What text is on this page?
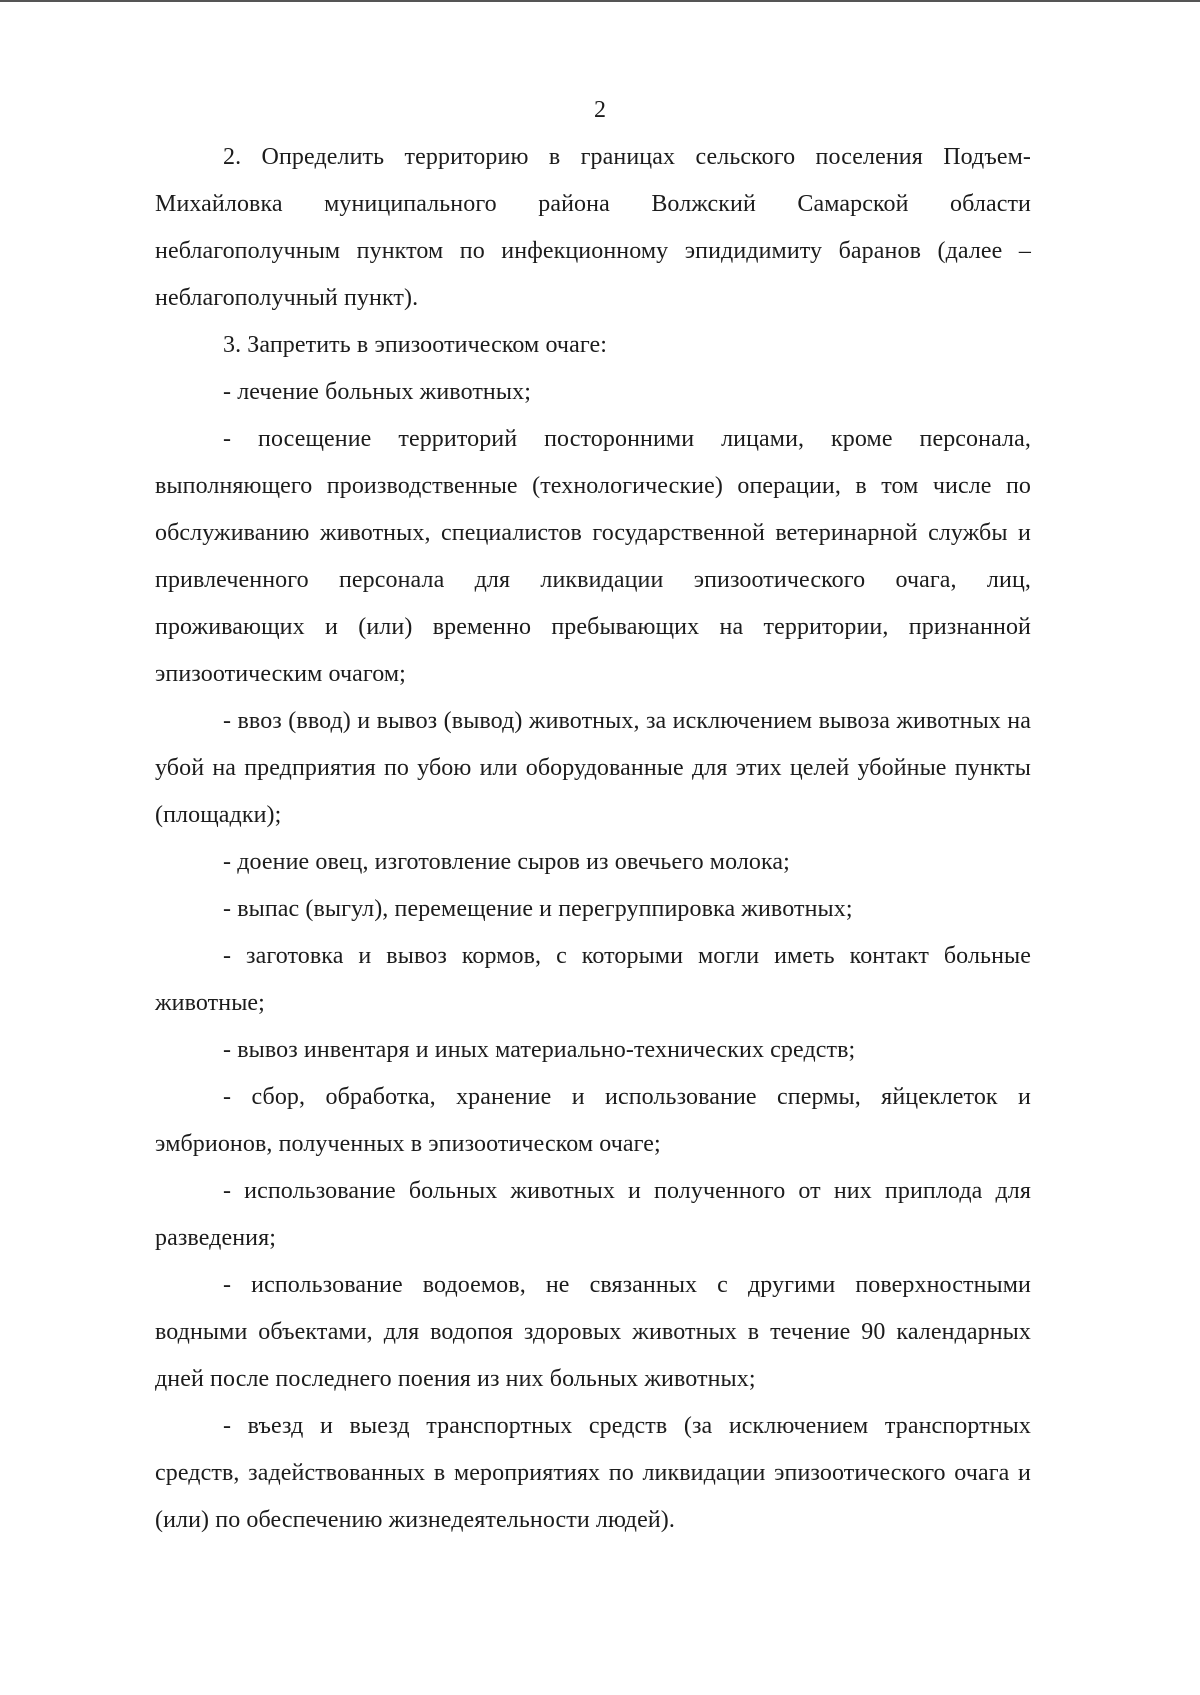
2

2. Определить территорию в границах сельского поселения Подъем-Михайловка муниципального района Волжский Самарской области неблагополучным пунктом по инфекционному эпидидимиту баранов (далее – неблагополучный пункт).

3. Запретить в эпизоотическом очаге:

- лечение больных животных;

- посещение территорий посторонними лицами, кроме персонала, выполняющего производственные (технологические) операции, в том числе по обслуживанию животных, специалистов государственной ветеринарной службы и привлеченного персонала для ликвидации эпизоотического очага, лиц, проживающих и (или) временно пребывающих на территории, признанной эпизоотическим очагом;

- ввоз (ввод) и вывоз (вывод) животных, за исключением вывоза животных на убой на предприятия по убою или оборудованные для этих целей убойные пункты (площадки);

- доение овец, изготовление сыров из овечьего молока;

- выпас (выгул), перемещение и перегруппировка животных;

- заготовка и вывоз кормов, с которыми могли иметь контакт больные животные;

- вывоз инвентаря и иных материально-технических средств;

- сбор, обработка, хранение и использование спермы, яйцеклеток и эмбрионов, полученных в эпизоотическом очаге;

- использование больных животных и полученного от них приплода для разведения;

- использование водоемов, не связанных с другими поверхностными водными объектами, для водопоя здоровых животных в течение 90 календарных дней после последнего поения из них больных животных;

- въезд и выезд транспортных средств (за исключением транспортных средств, задействованных в мероприятиях по ликвидации эпизоотического очага и (или) по обеспечению жизнедеятельности людей).
